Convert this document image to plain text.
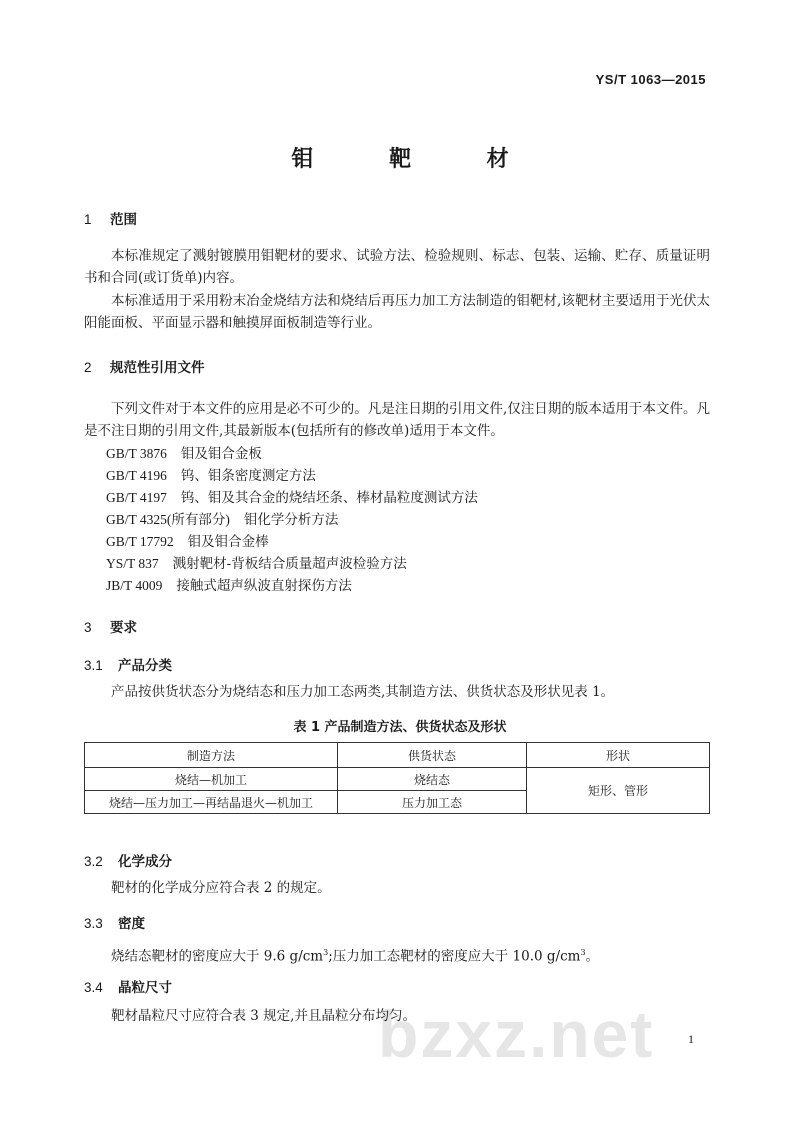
YS/T 1063—2015
钼 靶 材
1 范围
本标准规定了溅射镀膜用钼靶材的要求、试验方法、检验规则、标志、包装、运输、贮存、质量证明书和合同(或订货单)内容。
本标准适用于采用粉末冶金烧结方法和烧结后再压力加工方法制造的钼靶材,该靶材主要适用于光伏太阳能面板、平面显示器和触摸屏面板制造等行业。
2 规范性引用文件
下列文件对于本文件的应用是必不可少的。凡是注日期的引用文件,仅注日期的版本适用于本文件。凡是不注日期的引用文件,其最新版本(包括所有的修改单)适用于本文件。
GB/T 3876 钼及钼合金板
GB/T 4196 钨、钼条密度测定方法
GB/T 4197 钨、钼及其合金的烧结坯条、棒材晶粒度测试方法
GB/T 4325(所有部分) 钼化学分析方法
GB/T 17792 钼及钼合金棒
YS/T 837 溅射靶材-背板结合质量超声波检验方法
JB/T 4009 接触式超声纵波直射探伤方法
3 要求
3.1 产品分类
产品按供货状态分为烧结态和压力加工态两类,其制造方法、供货状态及形状见表 1。
表 1 产品制造方法、供货状态及形状
制造方法	供货状态	形状
烧结—机加工	烧结态	矩形、管形
烧结—压力加工—再结晶退火—机加工	压力加工态	
3.2 化学成分
靶材的化学成分应符合表 2 的规定。
3.3 密度
烧结态靶材的密度应大于 9.6 $g/cm^3$;压力加工态靶材的密度应大于 10.0 $g/cm^3$。
3.4 晶粒尺寸
bzxz.net
靶材晶粒尺寸应符合表 3 规定,并且晶粒分布均匀。
1
